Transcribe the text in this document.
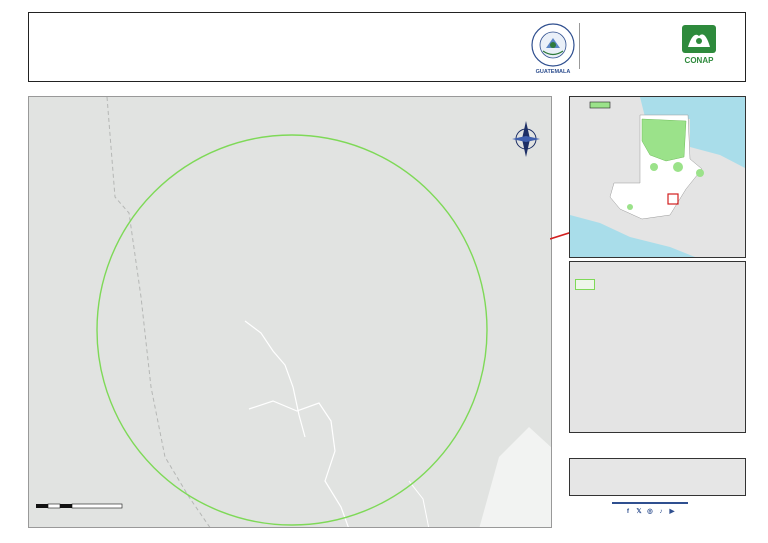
GUATEMALA
CONAP
f	𝕏 ◎	♪	▶
